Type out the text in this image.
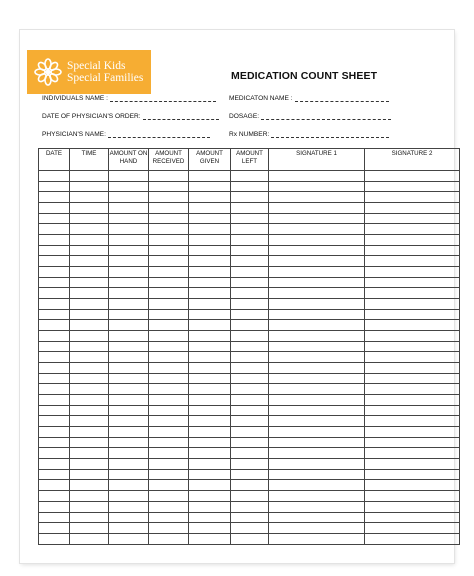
Special Kids
Special Families	MEDICATION COUNT SHEET
INDIVIDUALS NAME :
DATE OF PHYSICIAN'S ORDER:
PHYSICIAN'S NAME:
MEDICATON NAME :
DOSAGE:
Rx NUMBER:
DATE	TIME	AMOUNT ON HAND	AMOUNT RECEIVED	AMOUNT GIVEN	AMOUNT LEFT	SIGNATURE 1	SIGNATURE 2
